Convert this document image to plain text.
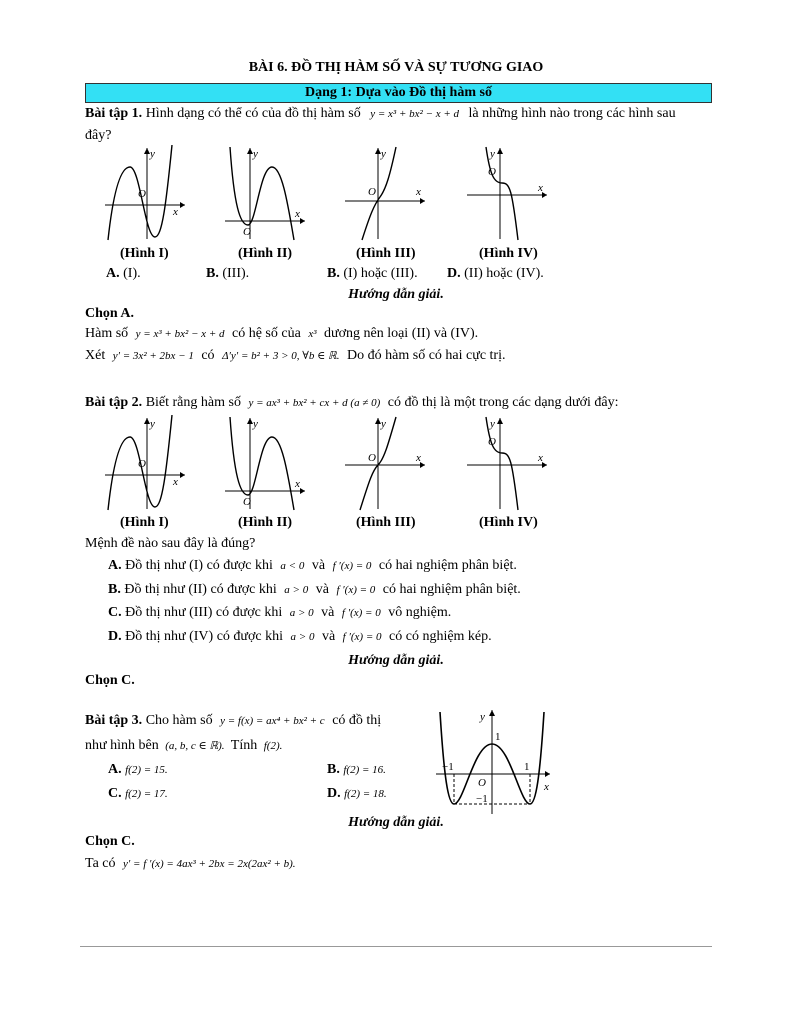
BÀI 6. ĐỒ THỊ HÀM SỐ VÀ SỰ TƯƠNG GIAO
Dạng 1: Dựa vào Đồ thị hàm số
Bài tập 1. Hình dạng có thể có của đồ thị hàm số y = x³ + bx² − x + d là những hình nào trong các hình sau
đây?
y
O
x
y
O
x
y
O	x
y
O
x
(Hình I)	(Hình II)	(Hình III)	(Hình IV)
A. (I).	B. (III).	B. (I) hoặc (III). D. (II) hoặc (IV).
Hướng dẫn giải.
Chọn A.
Hàm số y = x³ + bx² − x + d có hệ số của x³ dương nên loại (II) và (IV).
Xét y′ = 3x² + 2bx − 1 có Δ′y′ = b² + 3 > 0, ∀b ∈ ℝ. Do đó hàm số có hai cực trị.
Bài tập 2. Biết rằng hàm số y = ax³ + bx² + cx + d (a ≠ 0) có đồ thị là một trong các dạng dưới đây:
y
O
x
y
O
x
y
O	x
y
O
x
(Hình I)	(Hình II)	(Hình III)	(Hình IV)
Mệnh đề nào sau đây là đúng?
A. Đồ thị như (I) có được khi a < 0 và f ′(x) = 0 có hai nghiệm phân biệt.
B. Đồ thị như (II) có được khi a > 0 và f ′(x) = 0 có hai nghiệm phân biệt.
C. Đồ thị như (III) có được khi a > 0 và f ′(x) = 0 vô nghiệm.
D. Đồ thị như (IV) có được khi a > 0 và f ′(x) = 0 có có nghiệm kép.
Hướng dẫn giải.
Chọn C.
Bài tập 3. Cho hàm số y = f(x) = ax⁴ + bx² + c có đồ thị
như hình bên (a, b, c ∈ ℝ). Tính f(2).
A. f(2) = 15.	B. f(2) = 16.
C. f(2) = 17.	D. f(2) = 18.
y
x
O
1
−1	1
−1
Hướng dẫn giải.
Chọn C.
Ta có y′ = f ′(x) = 4ax³ + 2bx = 2x(2ax² + b).
